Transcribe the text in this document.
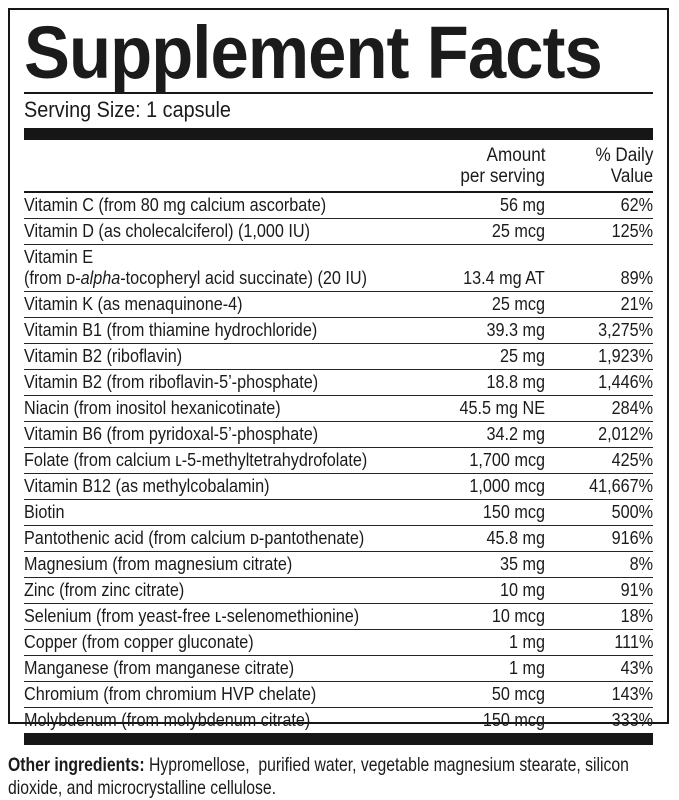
Supplement Facts
Serving Size: 1 capsule
Amount
per serving
% Daily
Value
Vitamin C (from 80 mg calcium ascorbate)	56 mg	62%
Vitamin D (as cholecalciferol) (1,000 IU)	25 mcg	125%
Vitamin E
(from ᴅ-alpha-tocopheryl acid succinate) (20 IU)	13.4 mg AT	89%
Vitamin K (as menaquinone-4)	25 mcg	21%
Vitamin B1 (from thiamine hydrochloride)	39.3 mg	3,275%
Vitamin B2 (riboflavin)	25 mg	1,923%
Vitamin B2 (from riboflavin-5’-phosphate)	18.8 mg	1,446%
Niacin (from inositol hexanicotinate)	45.5 mg NE	284%
Vitamin B6 (from pyridoxal-5’-phosphate)	34.2 mg	2,012%
Folate (from calcium ʟ-5-methyltetrahydrofolate)	1,700 mcg	425%
Vitamin B12 (as methylcobalamin)	1,000 mcg	41,667%
Biotin	150 mcg	500%
Pantothenic acid (from calcium ᴅ-pantothenate)	45.8 mg	916%
Magnesium (from magnesium citrate)	35 mg	8%
Zinc (from zinc citrate)	10 mg	91%
Selenium (from yeast-free ʟ-selenomethionine)	10 mcg	18%
Copper (from copper gluconate)	1 mg	111%
Manganese (from manganese citrate)	1 mg	43%
Chromium (from chromium HVP chelate)	50 mcg	143%
Molybdenum (from molybdenum citrate)	150 mcg	333%

Other ingredients: Hypromellose,  purified water, vegetable magnesium stearate, silicon dioxide, and microcrystalline cellulose.
